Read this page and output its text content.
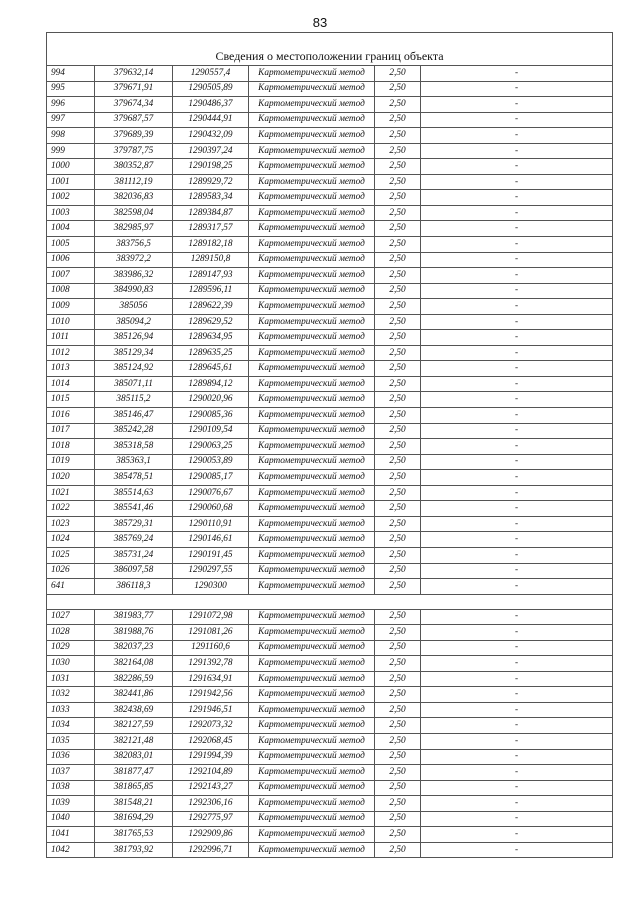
83
Сведения о местоположении границ объекта					
994	379632,14	1290557,4	Картометрический метод	2,50	-
995	379671,91	1290505,89	Картометрический метод	2,50	-
996	379674,34	1290486,37	Картометрический метод	2,50	-
997	379687,57	1290444,91	Картометрический метод	2,50	-
998	379689,39	1290432,09	Картометрический метод	2,50	-
999	379787,75	1290397,24	Картометрический метод	2,50	-
1000	380352,87	1290198,25	Картометрический метод	2,50	-
1001	381112,19	1289929,72	Картометрический метод	2,50	-
1002	382036,83	1289583,34	Картометрический метод	2,50	-
1003	382598,04	1289384,87	Картометрический метод	2,50	-
1004	382985,97	1289317,57	Картометрический метод	2,50	-
1005	383756,5	1289182,18	Картометрический метод	2,50	-
1006	383972,2	1289150,8	Картометрический метод	2,50	-
1007	383986,32	1289147,93	Картометрический метод	2,50	-
1008	384990,83	1289596,11	Картометрический метод	2,50	-
1009	385056	1289622,39	Картометрический метод	2,50	-
1010	385094,2	1289629,52	Картометрический метод	2,50	-
1011	385126,94	1289634,95	Картометрический метод	2,50	-
1012	385129,34	1289635,25	Картометрический метод	2,50	-
1013	385124,92	1289645,61	Картометрический метод	2,50	-
1014	385071,11	1289894,12	Картометрический метод	2,50	-
1015	385115,2	1290020,96	Картометрический метод	2,50	-
1016	385146,47	1290085,36	Картометрический метод	2,50	-
1017	385242,28	1290109,54	Картометрический метод	2,50	-
1018	385318,58	1290063,25	Картометрический метод	2,50	-
1019	385363,1	1290053,89	Картометрический метод	2,50	-
1020	385478,51	1290085,17	Картометрический метод	2,50	-
1021	385514,63	1290076,67	Картометрический метод	2,50	-
1022	385541,46	1290060,68	Картометрический метод	2,50	-
1023	385729,31	1290110,91	Картометрический метод	2,50	-
1024	385769,24	1290146,61	Картометрический метод	2,50	-
1025	385731,24	1290191,45	Картометрический метод	2,50	-
1026	386097,58	1290297,55	Картометрический метод	2,50	-
641	386118,3	1290300	Картометрический метод	2,50	-

1027	381983,77	1291072,98	Картометрический метод	2,50	-
1028	381988,76	1291081,26	Картометрический метод	2,50	-
1029	382037,23	1291160,6	Картометрический метод	2,50	-
1030	382164,08	1291392,78	Картометрический метод	2,50	-
1031	382286,59	1291634,91	Картометрический метод	2,50	-
1032	382441,86	1291942,56	Картометрический метод	2,50	-
1033	382438,69	1291946,51	Картометрический метод	2,50	-
1034	382127,59	1292073,32	Картометрический метод	2,50	-
1035	382121,48	1292068,45	Картометрический метод	2,50	-
1036	382083,01	1291994,39	Картометрический метод	2,50	-
1037	381877,47	1292104,89	Картометрический метод	2,50	-
1038	381865,85	1292143,27	Картометрический метод	2,50	-
1039	381548,21	1292306,16	Картометрический метод	2,50	-
1040	381694,29	1292775,97	Картометрический метод	2,50	-
1041	381765,53	1292909,86	Картометрический метод	2,50	-
1042	381793,92	1292996,71	Картометрический метод	2,50	-
